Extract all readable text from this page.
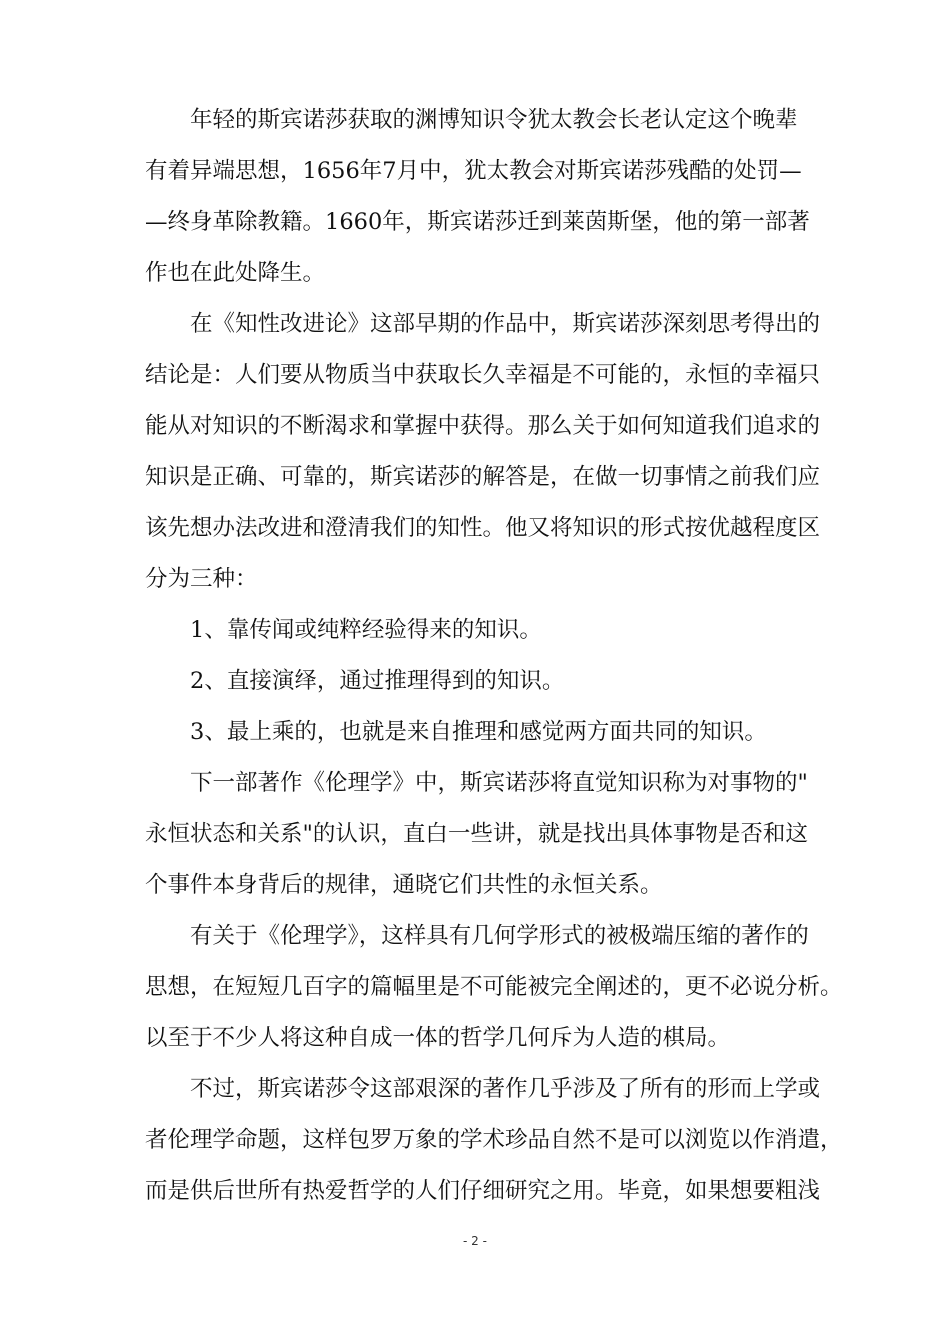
年轻的斯宾诺莎获取的渊博知识令犹太教会长老认定这个晚辈
有着异端思想，1656年7月中，犹太教会对斯宾诺莎残酷的处罚—
—终身革除教籍。1660年，斯宾诺莎迁到莱茵斯堡，他的第一部著
作也在此处降生。
在《知性改进论》这部早期的作品中，斯宾诺莎深刻思考得出的
结论是：人们要从物质当中获取长久幸福是不可能的，永恒的幸福只
能从对知识的不断渴求和掌握中获得。那么关于如何知道我们追求的
知识是正确、可靠的，斯宾诺莎的解答是，在做一切事情之前我们应
该先想办法改进和澄清我们的知性。他又将知识的形式按优越程度区
分为三种：
1、靠传闻或纯粹经验得来的知识。
2、直接演绎，通过推理得到的知识。
3、最上乘的，也就是来自推理和感觉两方面共同的知识。
下一部著作《伦理学》中，斯宾诺莎将直觉知识称为对事物的"
永恒状态和关系"的认识，直白一些讲，就是找出具体事物是否和这
个事件本身背后的规律，通晓它们共性的永恒关系。
有关于《伦理学》，这样具有几何学形式的被极端压缩的著作的
思想，在短短几百字的篇幅里是不可能被完全阐述的，更不必说分析。
以至于不少人将这种自成一体的哲学几何斥为人造的棋局。
不过，斯宾诺莎令这部艰深的著作几乎涉及了所有的形而上学或
者伦理学命题，这样包罗万象的学术珍品自然不是可以浏览以作消遣，
而是供后世所有热爱哲学的人们仔细研究之用。毕竟，如果想要粗浅
- 2 -
